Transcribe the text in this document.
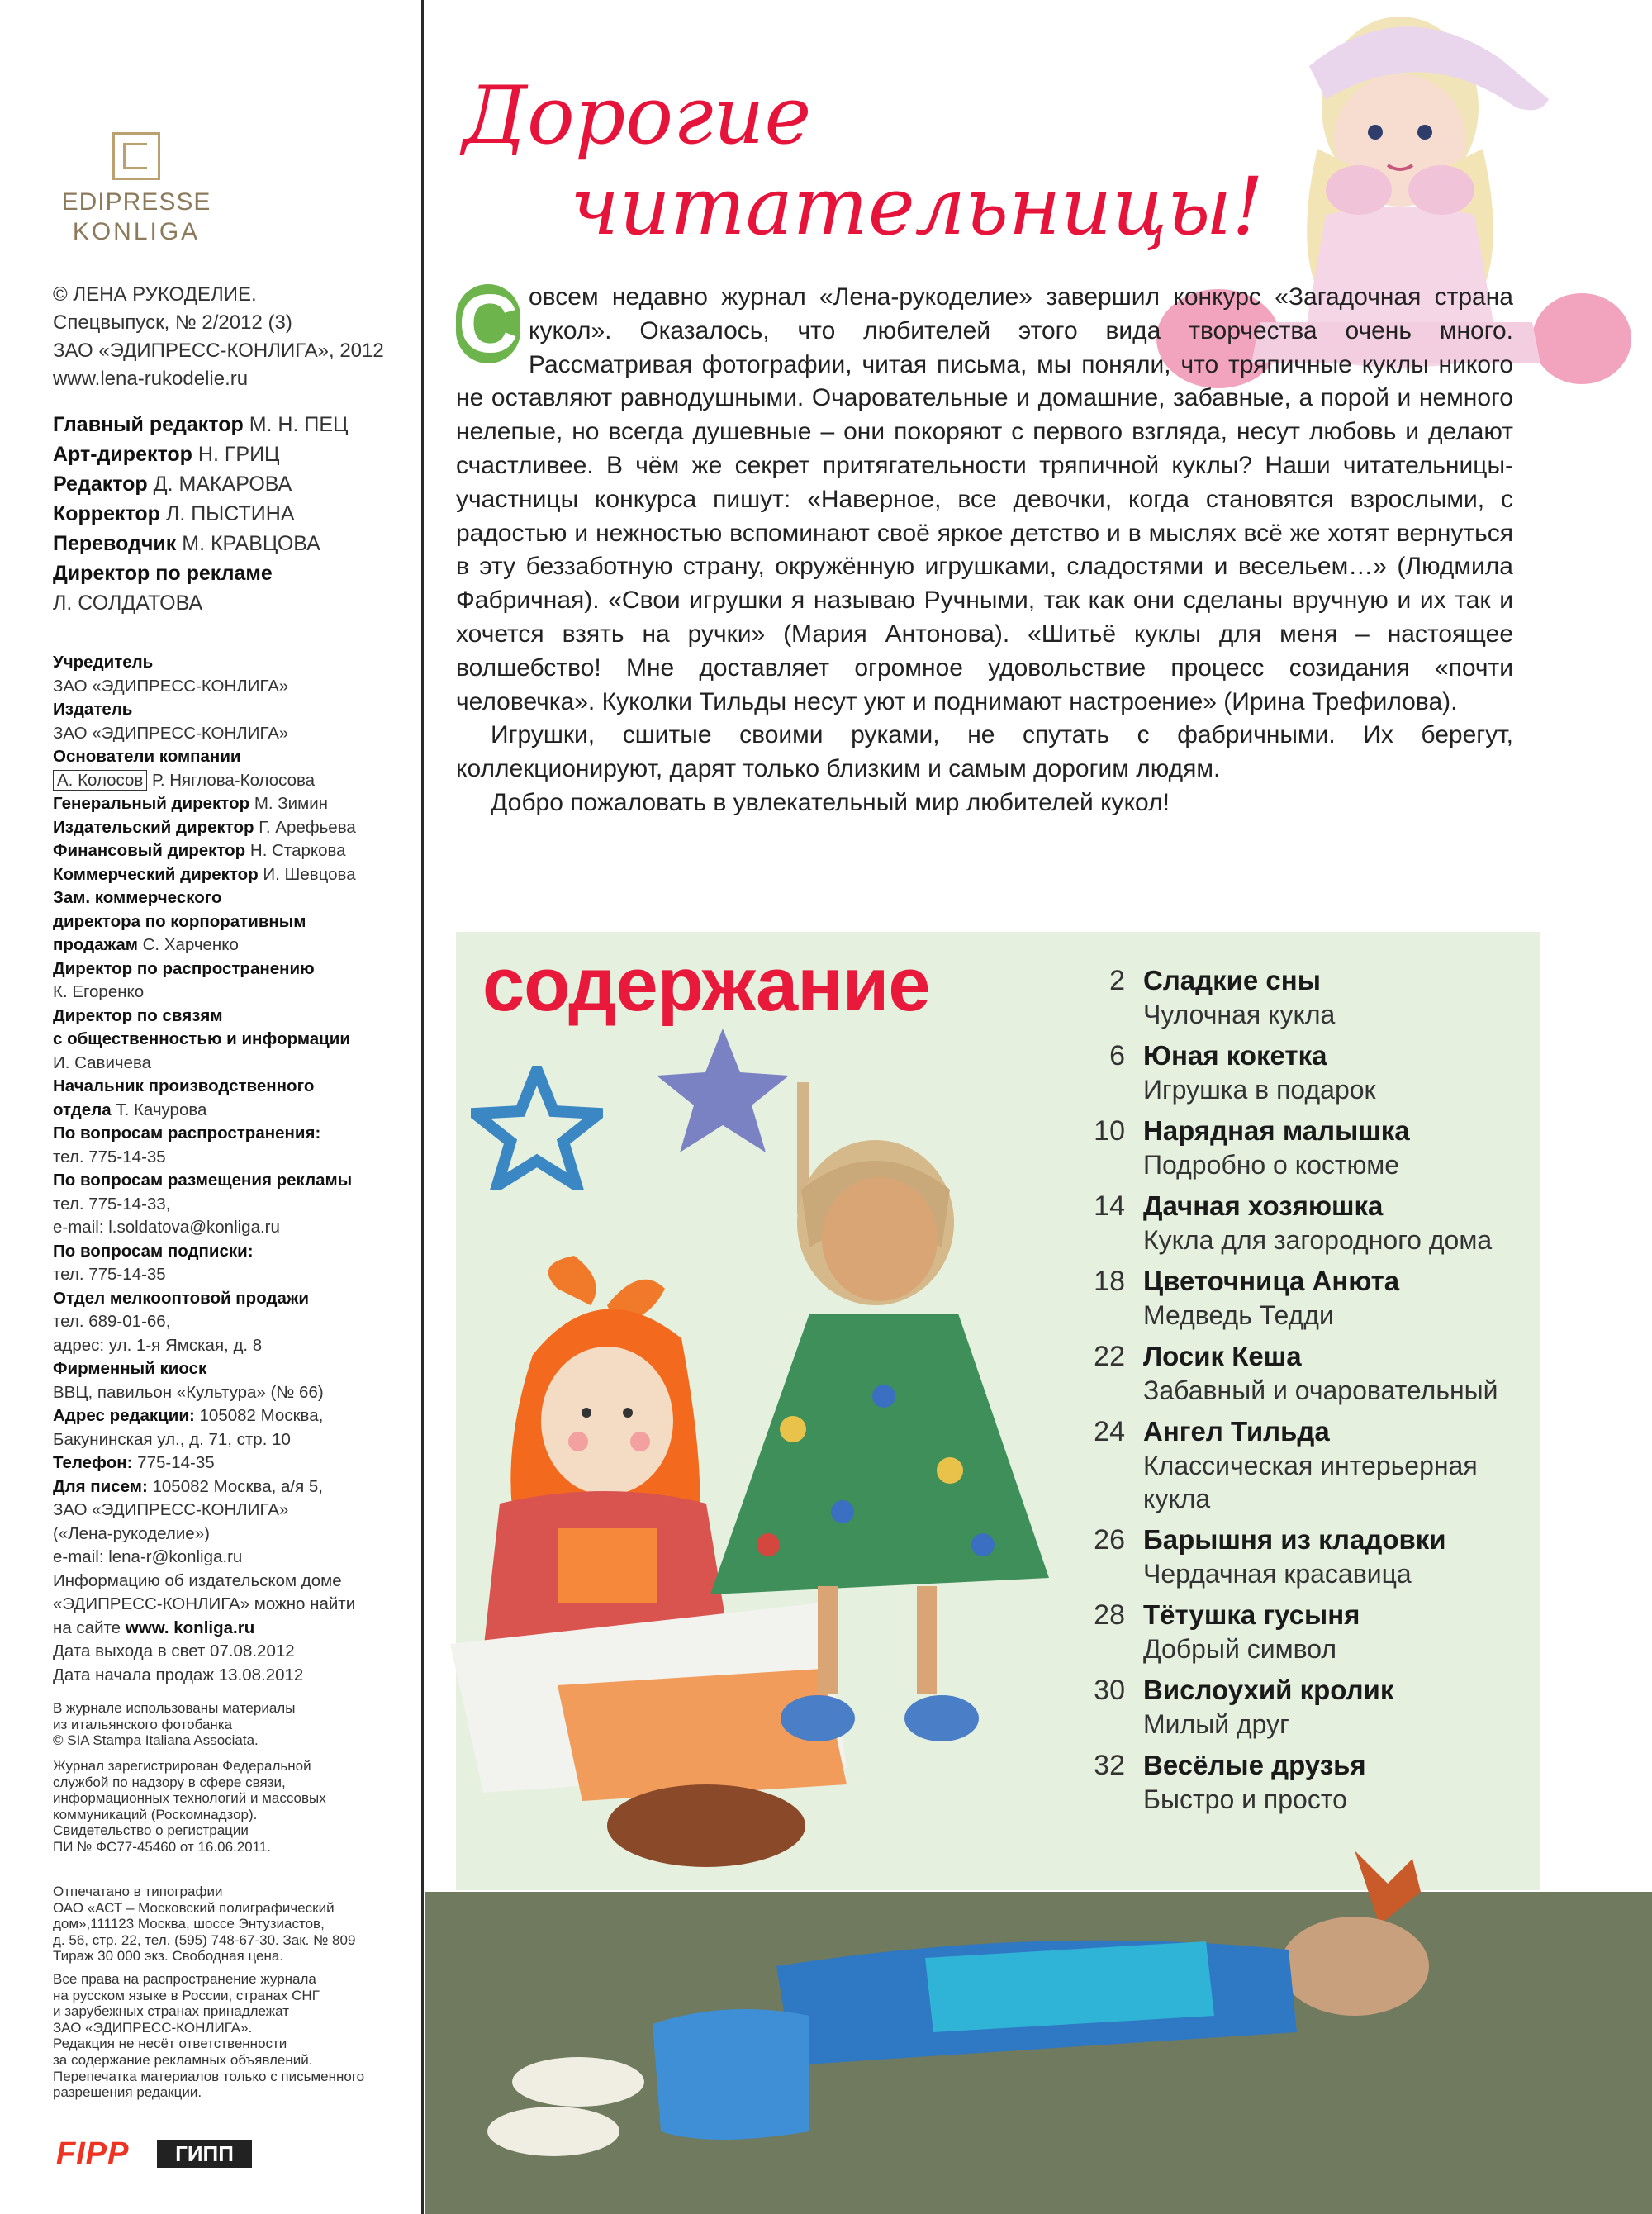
EDIPRESSE
KONLIGA

© ЛЕНА РУКОДЕЛИЕ.

Спецвыпуск, № 2/2012 (3)

ЗАО «ЭДИПРЕСС-КОНЛИГА», 2012

www.lena-rukodelie.ru

Главный редактор М. Н. ПЕЦ
Арт-директор Н. ГРИЦ
Редактор Д. МАКАРОВА
Корректор Л. ПЫСТИНА
Переводчик М. КРАВЦОВА
Директор по рекламе
Л. СОЛДАТОВА
Учредитель
ЗАО «ЭДИПРЕСС-КОНЛИГА»
Издатель
ЗАО «ЭДИПРЕСС-КОНЛИГА»
Основатели компании
А. Колосов Р. Няглова-Колосова
Генеральный директор М. Зимин
Издательский директор Г. Арефьева
Финансовый директор Н. Старкова
Коммерческий директор И. Шевцова
Зам. коммерческого
директора по корпоративным
продажам С. Харченко
Директор по распространению
К. Егоренко
Директор по связям
с общественностью и информации
И. Савичева
Начальник производственного
отдела Т. Качурова
По вопросам распространения:
тел. 775-14-35
По вопросам размещения рекламы
тел. 775-14-33,
e-mail: l.soldatova@konliga.ru
По вопросам подписки:
тел. 775-14-35
Отдел мелкооптовой продажи
тел. 689-01-66,
адрес: ул. 1-я Ямская, д. 8
Фирменный киоск
ВВЦ, павильон «Культура» (№ 66)
Адрес редакции: 105082 Москва,
Бакунинская ул., д. 71, стр. 10
Телефон: 775-14-35
Для писем: 105082 Москва, а/я 5,
ЗАО «ЭДИПРЕСС-КОНЛИГА»
(«Лена-рукоделие»)
e-mail: lena-r@konliga.ru
Информацию об издательском доме
«ЭДИПРЕСС-КОНЛИГА» можно найти
на сайте www. konliga.ru
Дата выхода в свет 07.08.2012
Дата начала продаж 13.08.2012
В журнале использованы материалы
из итальянского фотобанка
© SIA Stampa Italiana Associata.
Журнал зарегистрирован Федеральной
службой по надзору в сфере связи,
информационных технологий и массовых
коммуникаций (Роскомнадзор).
Свидетельство о регистрации
ПИ № ФС77-45460 от 16.06.2011.
Отпечатано в типографии
ОАО «АСТ – Московский полиграфический
дом»,111123 Москва, шоссе Энтузиастов,
д. 56, стр. 22, тел. (595) 748-67-30. Зак. № 809
Тираж 30 000 экз. Свободная цена.
Все права на распространение журнала
на русском языке в России, странах СНГ
и зарубежных странах принадлежат
ЗАО «ЭДИПРЕСС-КОНЛИГА».
Редакция не несёт ответственности
за содержание рекламных объявлений.
Перепечатка материалов только с письменного
разрешения редакции.
FIPP	ГИПП
Дорогие
читательницы!
С овсем недавно журнал «Лена-рукоделие» завершил конкурс «Загадочная страна кукол». Оказалось, что любителей этого вида творчества очень много. Рассматривая фотографии, читая письма, мы поняли, что тряпичные куклы никого не оставляют равнодушными. Очаровательные и домашние, забавные, а порой и немного нелепые, но всегда душевные – они покоряют с первого взгляда, несут любовь и делают счастливее. В чём же секрет притягательности тряпичной куклы? Наши читательницы-участницы конкурса пишут: «Наверное, все девочки, когда становятся взрослыми, с радостью и нежностью вспоминают своё яркое детство и в мыслях всё же хотят вернуться в эту беззаботную страну, окружённую игрушками, сладостями и весельем…» (Людмила Фабричная). «Свои игрушки я называю Ручными, так как они сделаны вручную и их так и хочется взять на ручки» (Мария Антонова). «Шитьё куклы для меня – настоящее волшебство! Мне доставляет огромное удовольствие процесс созидания «почти человечка». Куколки Тильды несут уют и поднимают настроение» (Ирина Трефилова).

Игрушки, сшитые своими руками, не спутать с фабричными. Их берегут, коллекционируют, дарят только близким и самым дорогим людям.

Добро пожаловать в увлекательный мир любителей кукол!

содержание	2 Сладкие сны
Чулочная кукла
6 Юная кокетка
Игрушка в подарок
10 Нарядная малышка
Подробно о костюме
14 Дачная хозяюшка
Кукла для загородного дома
18 Цветочница Анюта
Медведь Тедди
22 Лосик Кеша
Забавный и очаровательный
24 Ангел Тильда
Классическая интерьерная кукла
26 Барышня из кладовки
Чердачная красавица
28 Тётушка гусыня
Добрый символ
30 Вислоухий кролик
Милый друг
32 Весёлые друзья
Быстро и просто
